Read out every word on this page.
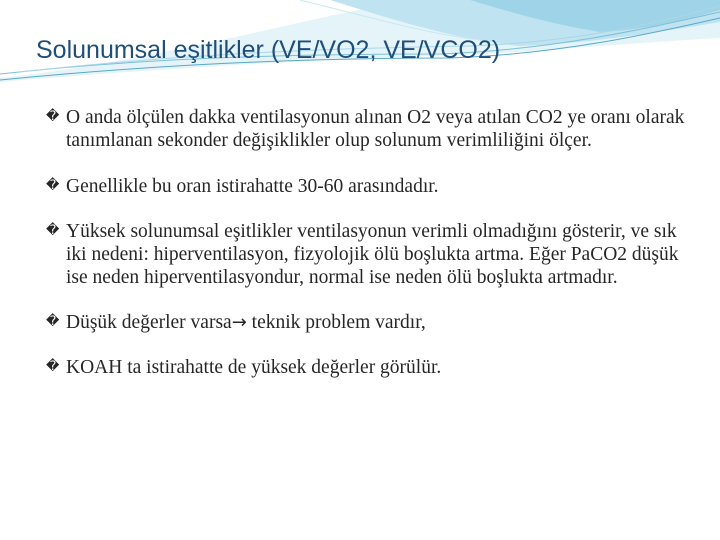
Solunumsal eşitlikler (VE/VO2, VE/VCO2)
� O anda ölçülen dakka ventilasyonun alınan O2 veya atılan CO2 ye oranı olarak tanımlanan sekonder değişiklikler olup solunum verimliliğini ölçer.
� Genellikle bu oran istirahatte 30-60 arasındadır.
� Yüksek solunumsal eşitlikler ventilasyonun verimli olmadığını gösterir, ve sık iki nedeni: hiperventilasyon, fizyolojik ölü boşlukta artma. Eğer PaCO2 düşük ise neden hiperventilasyondur, normal ise neden ölü boşlukta artmadır.
� Düşük değerler varsa→ teknik problem vardır,
� KOAH ta istirahatte de yüksek değerler görülür.
